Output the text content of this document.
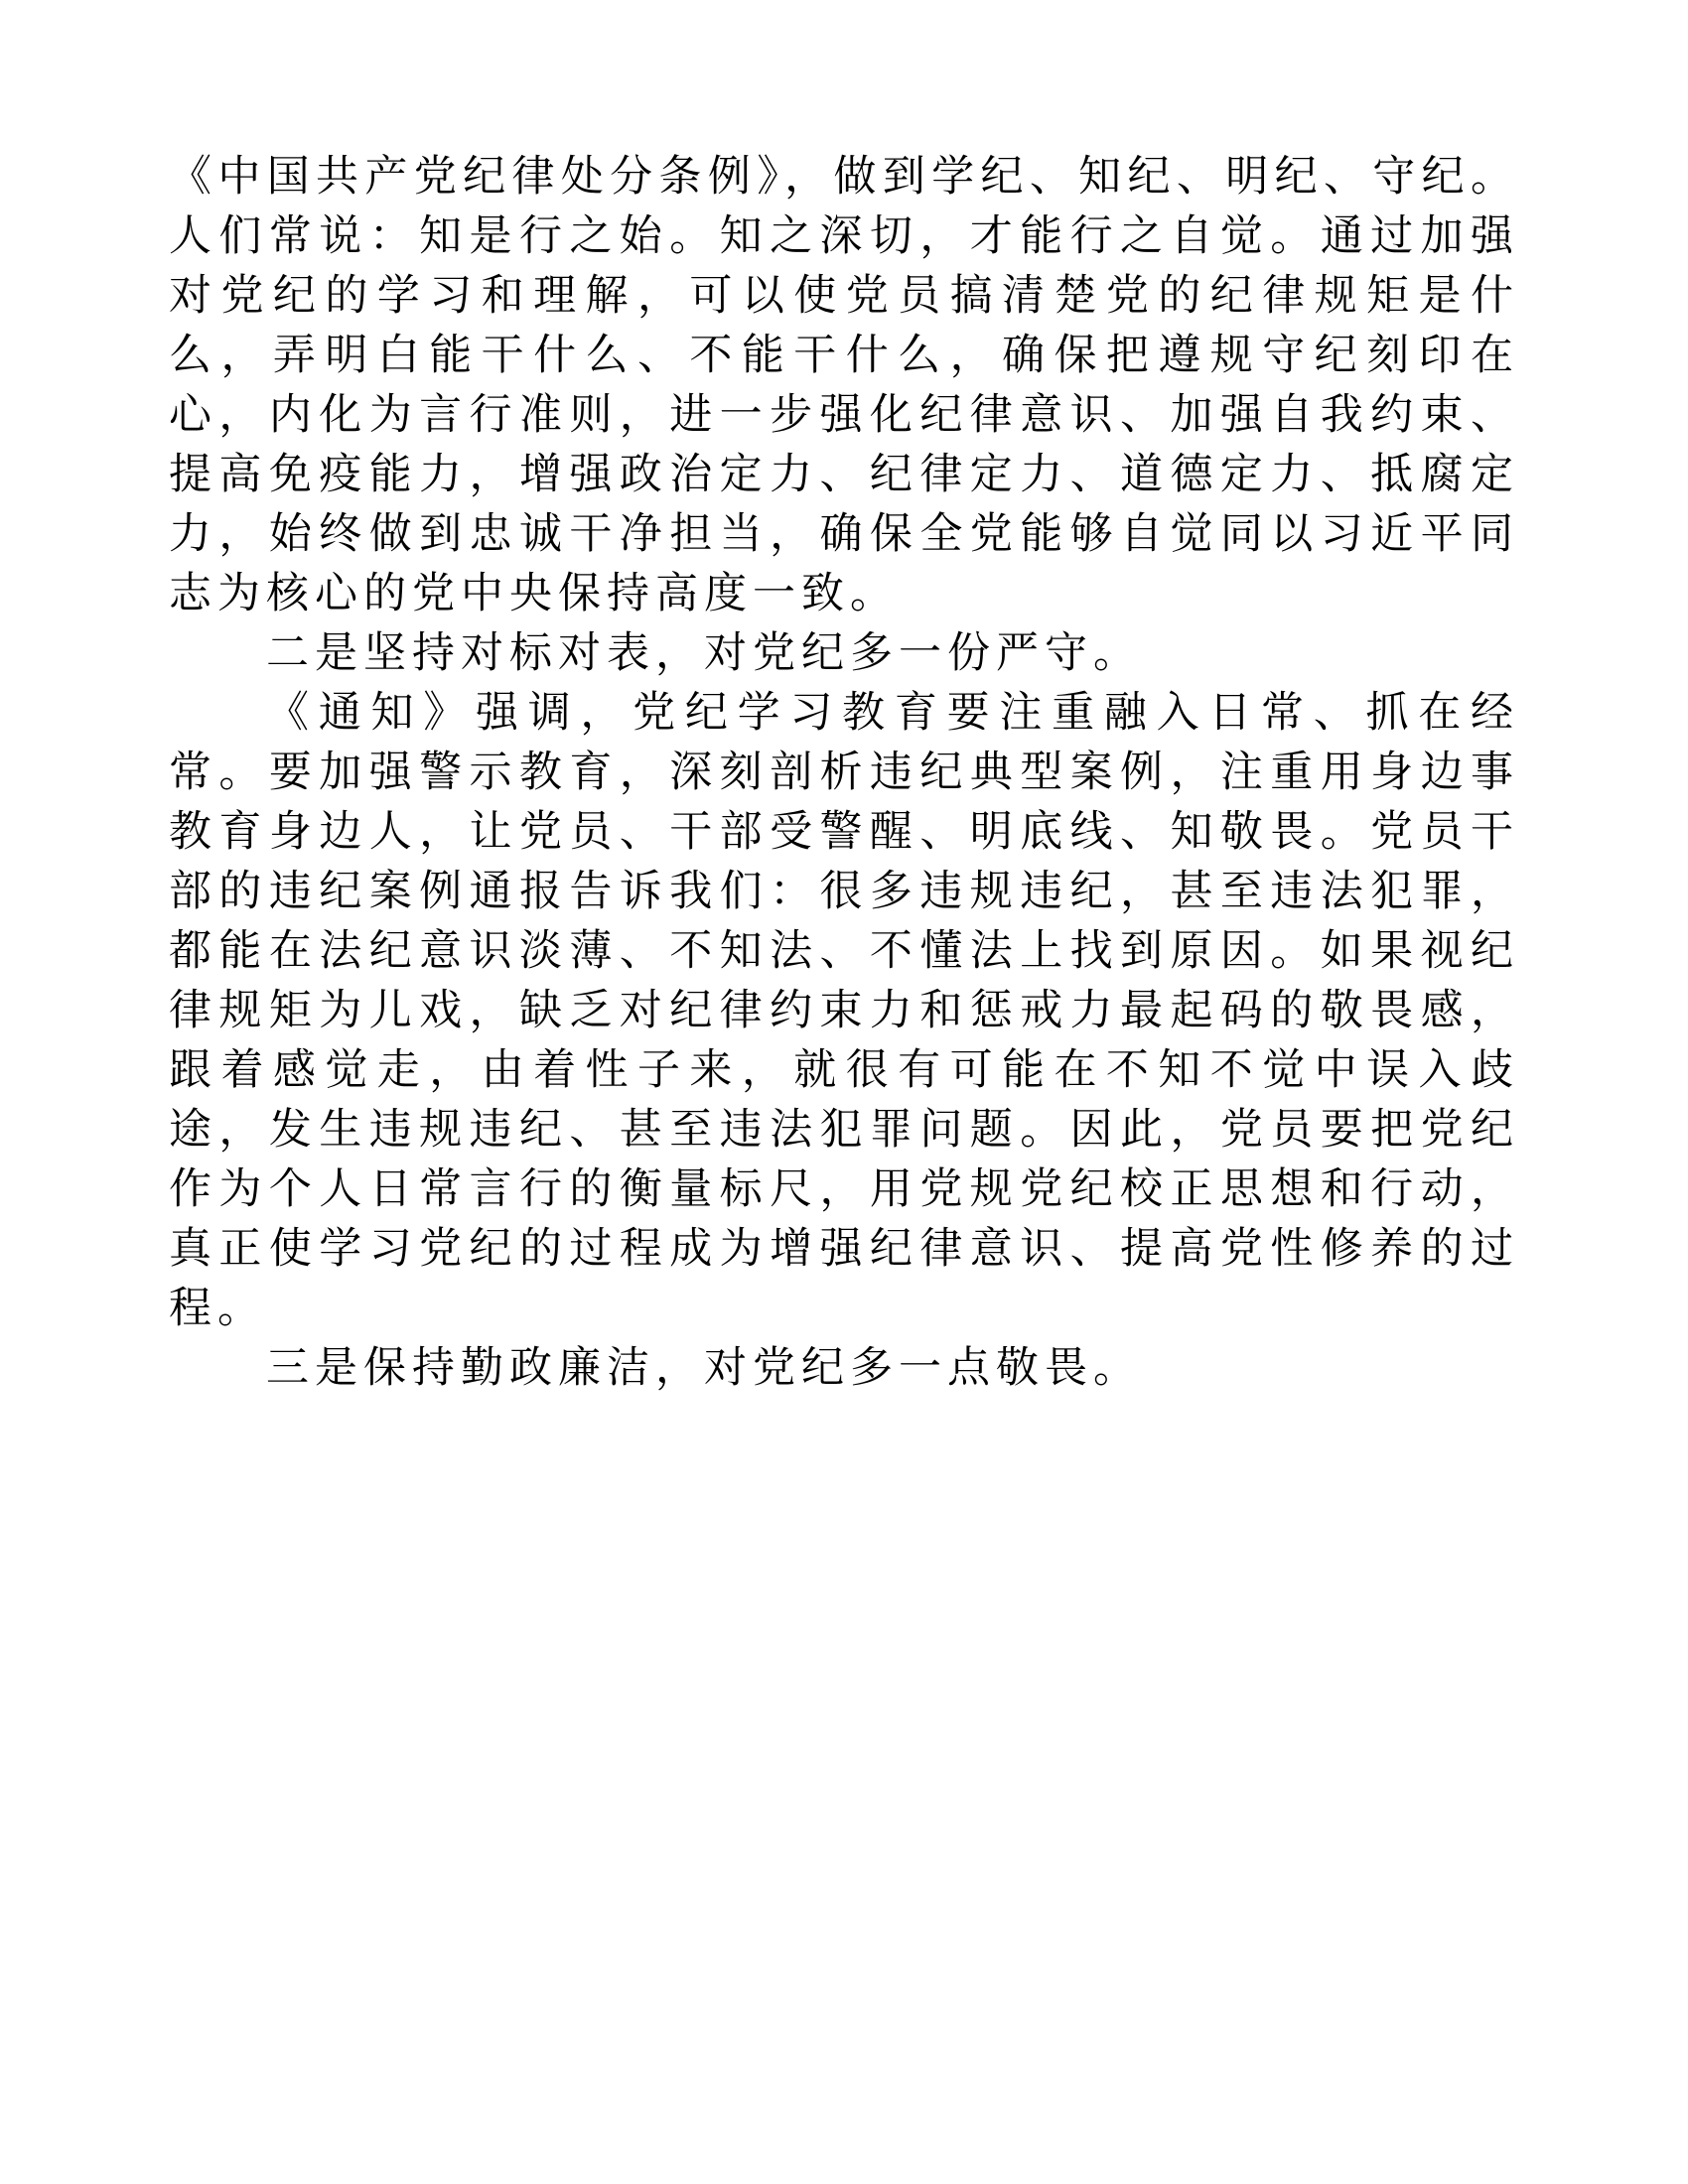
《中国共产党纪律处分条例》，做到学纪、知纪、明纪、守纪。人们常说：知是行之始。知之深切，才能行之自觉。通过加强对党纪的学习和理解，可以使党员搞清楚党的纪律规矩是什么，弄明白能干什么、不能干什么，确保把遵规守纪刻印在心，内化为言行准则，进一步强化纪律意识、加强自我约束、提高免疫能力，增强政治定力、纪律定力、道德定力、抵腐定力，始终做到忠诚干净担当，确保全党能够自觉同以习近平同志为核心的党中央保持高度一致。

二是坚持对标对表，对党纪多一份严守。

《通知》强调，党纪学习教育要注重融入日常、抓在经常。要加强警示教育，深刻剖析违纪典型案例，注重用身边事教育身边人，让党员、干部受警醒、明底线、知敬畏。党员干部的违纪案例通报告诉我们：很多违规违纪，甚至违法犯罪，都能在法纪意识淡薄、不知法、不懂法上找到原因。如果视纪律规矩为儿戏，缺乏对纪律约束力和惩戒力最起码的敬畏感，跟着感觉走，由着性子来，就很有可能在不知不觉中误入歧途，发生违规违纪、甚至违法犯罪问题。因此，党员要把党纪作为个人日常言行的衡量标尺，用党规党纪校正思想和行动，真正使学习党纪的过程成为增强纪律意识、提高党性修养的过程。

三是保持勤政廉洁，对党纪多一点敬畏。
